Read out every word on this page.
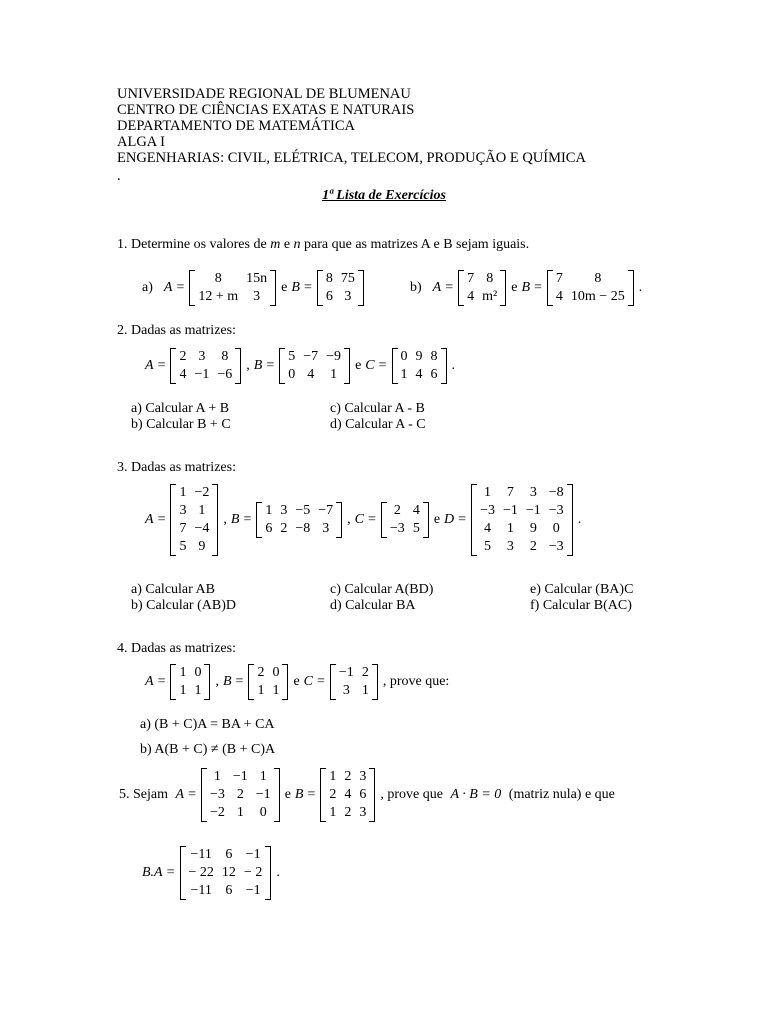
UNIVERSIDADE REGIONAL DE BLUMENAU
CENTRO DE CIÊNCIAS EXATAS E NATURAIS
DEPARTAMENTO DE MATEMÁTICA
ALGA I
ENGENHARIAS: CIVIL, ELÉTRICA, TELECOM, PRODUÇÃO E QUÍMICA
.
1ª Lista de Exercícios
1. Determine os valores de m e n para que as matrizes A e B sejam iguais.
a)
A =
8	15n
12 + m	3
e B =
8	75
6	3
b)
A =
7	8
4	m²
e B =
7	8
4	10m − 25
.
2. Dadas as matrizes:
A =
2	3	8
4	−1	−6
, B =
5	−7	−9
0	4	1
e C =
0	9	8
1	4	6
.
a) Calcular A + B
b) Calcular B + C
c) Calcular A - B
d) Calcular A - C
3. Dadas as matrizes:
A =
1	−2
3	1
7	−4
5	9
, B =
1	3	−5	−7
6	2	−8	3
, C =
2	4
−3	5
e D =
1	7	3	−8
−3	−1	−1	−3
4	1	9	0
5	3	2	−3
.
a) Calcular AB
b) Calcular (AB)D
c) Calcular A(BD)
d) Calcular BA
e) Calcular (BA)C
f) Calcular B(AC)
4. Dadas as matrizes:
A =
1	0
1	1
, B =
2	0
1	1
e C =
−1	2
3	1
, prove que:
a) (B + C)A = BA + CA
b) A(B + C) ≠ (B + C)A
5. Sejam
A =
1	−1	1
−3	2	−1
−2	1	0
e B =
1	2	3
2	4	6
1	2	3
, prove que
A · B = 0
(matriz nula) e que
B.A =
−11	6	−1
− 22	12	− 2
−11	6	−1
.
